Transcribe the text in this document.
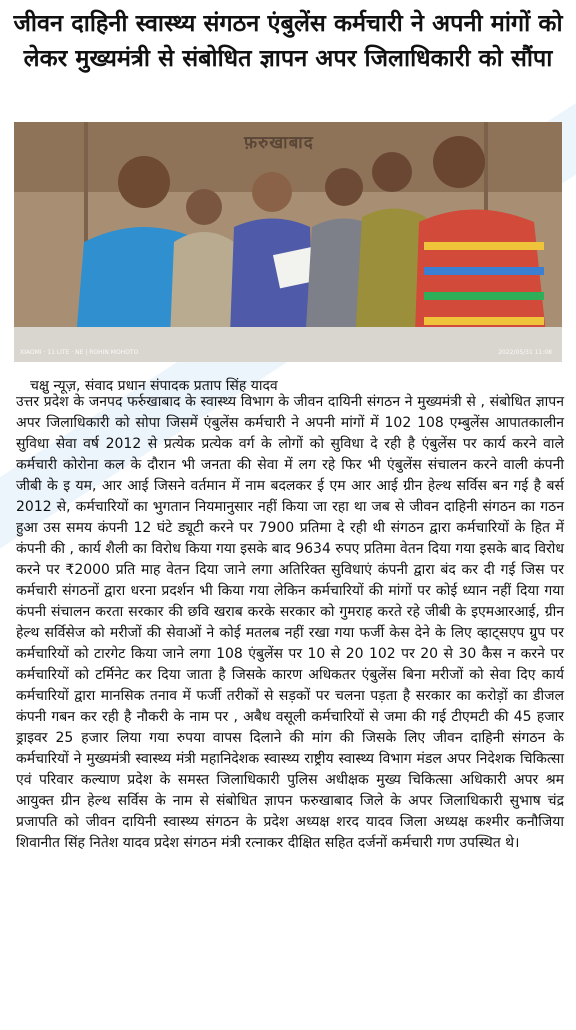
जीवन दाहिनी स्वास्थ्य संगठन एंबुलेंस कर्मचारी ने अपनी मांगों को लेकर मुख्यमंत्री से संबोधित ज्ञापन अपर जिलाधिकारी को सौंपा
फ़रुखाबाद
XIAOMI · 11 LITE · NE | ROHIN MOHOTO	2022/05/31 11:08
चक्षु न्यूज़, संवाद प्रधान संपादक प्रताप सिंह यादव

उत्तर प्रदेश के जनपद फर्रुखाबाद के स्वास्थ्य विभाग के जीवन दायिनी संगठन ने मुख्यमंत्री से , संबोधित ज्ञापन अपर जिलाधिकारी को सोपा जिसमें एंबुलेंस कर्मचारी ने अपनी मांगों में 102 108 एम्बुलेंस आपातकालीन सुविधा सेवा वर्ष 2012 से प्रत्येक प्रत्येक वर्ग के लोगों को सुविधा दे रही है एंबुलेंस पर कार्य करने वाले कर्मचारी कोरोना कल के दौरान भी जनता की सेवा में लग रहे फिर भी एंबुलेंस संचालन करने वाली कंपनी जीबी के इ यम, आर आई जिसने वर्तमान में नाम बदलकर ई एम आर आई ग्रीन हेल्थ सर्विस बन गई है बर्स 2012 से, कर्मचारियों का भुगतान नियमानुसार नहीं किया जा रहा था जब से जीवन दाहिनी संगठन का गठन हुआ उस समय कंपनी 12 घंटे ड्यूटी करने पर 7900 प्रतिमा दे रही थी संगठन द्वारा कर्मचारियों के हित में कंपनी की , कार्य शैली का विरोध किया गया इसके बाद 9634 रुपए प्रतिमा वेतन दिया गया इसके बाद विरोध करने पर ₹2000 प्रति माह वेतन दिया जाने लगा अतिरिक्त सुविधाएं कंपनी द्वारा बंद कर दी गई जिस पर कर्मचारी संगठनों द्वारा धरना प्रदर्शन भी किया गया लेकिन कर्मचारियों की मांगों पर कोई ध्यान नहीं दिया गया कंपनी संचालन करता सरकार की छवि खराब करके सरकार को गुमराह करते रहे जीबी के इएमआरआई, ग्रीन हेल्थ सर्विसेज को मरीजों की सेवाओं ने कोई मतलब नहीं रखा गया फर्जी केस देने के लिए व्हाट्सएप ग्रुप पर कर्मचारियों को टारगेट किया जाने लगा 108 एंबुलेंस पर 10 से 20 102 पर 20 से 30 कैस न करने पर कर्मचारियों को टर्मिनेट कर दिया जाता है जिसके कारण अधिकतर एंबुलेंस बिना मरीजों को सेवा दिए कार्य कर्मचारियों द्वारा मानसिक तनाव में फर्जी तरीकों से सड़कों पर चलना पड़ता है सरकार का करोड़ों का डीजल कंपनी गबन कर रही है नौकरी के नाम पर , अबैध वसूली कर्मचारियों से जमा की गई टीएमटी की 45 हजार ड्राइवर 25 हजार लिया गया रुपया वापस दिलाने की मांग की जिसके लिए जीवन दाहिनी संगठन के कर्मचारियों ने मुख्यमंत्री स्वास्थ्य मंत्री महानिदेशक स्वास्थ्य राष्ट्रीय स्वास्थ्य विभाग मंडल अपर निदेशक चिकित्सा एवं परिवार कल्याण प्रदेश के समस्त जिलाधिकारी पुलिस अधीक्षक मुख्य चिकित्सा अधिकारी अपर श्रम आयुक्त ग्रीन हेल्थ सर्विस के नाम से संबोधित ज्ञापन फरुखाबाद जिले के अपर जिलाधिकारी सुभाष चंद्र प्रजापति को जीवन दायिनी स्वास्थ्य संगठन के प्रदेश अध्यक्ष शरद यादव जिला अध्यक्ष कश्मीर कनौजिया शिवानीत सिंह नितेश यादव प्रदेश संगठन मंत्री रत्नाकर दीक्षित सहित दर्जनों कर्मचारी गण उपस्थित थे।
